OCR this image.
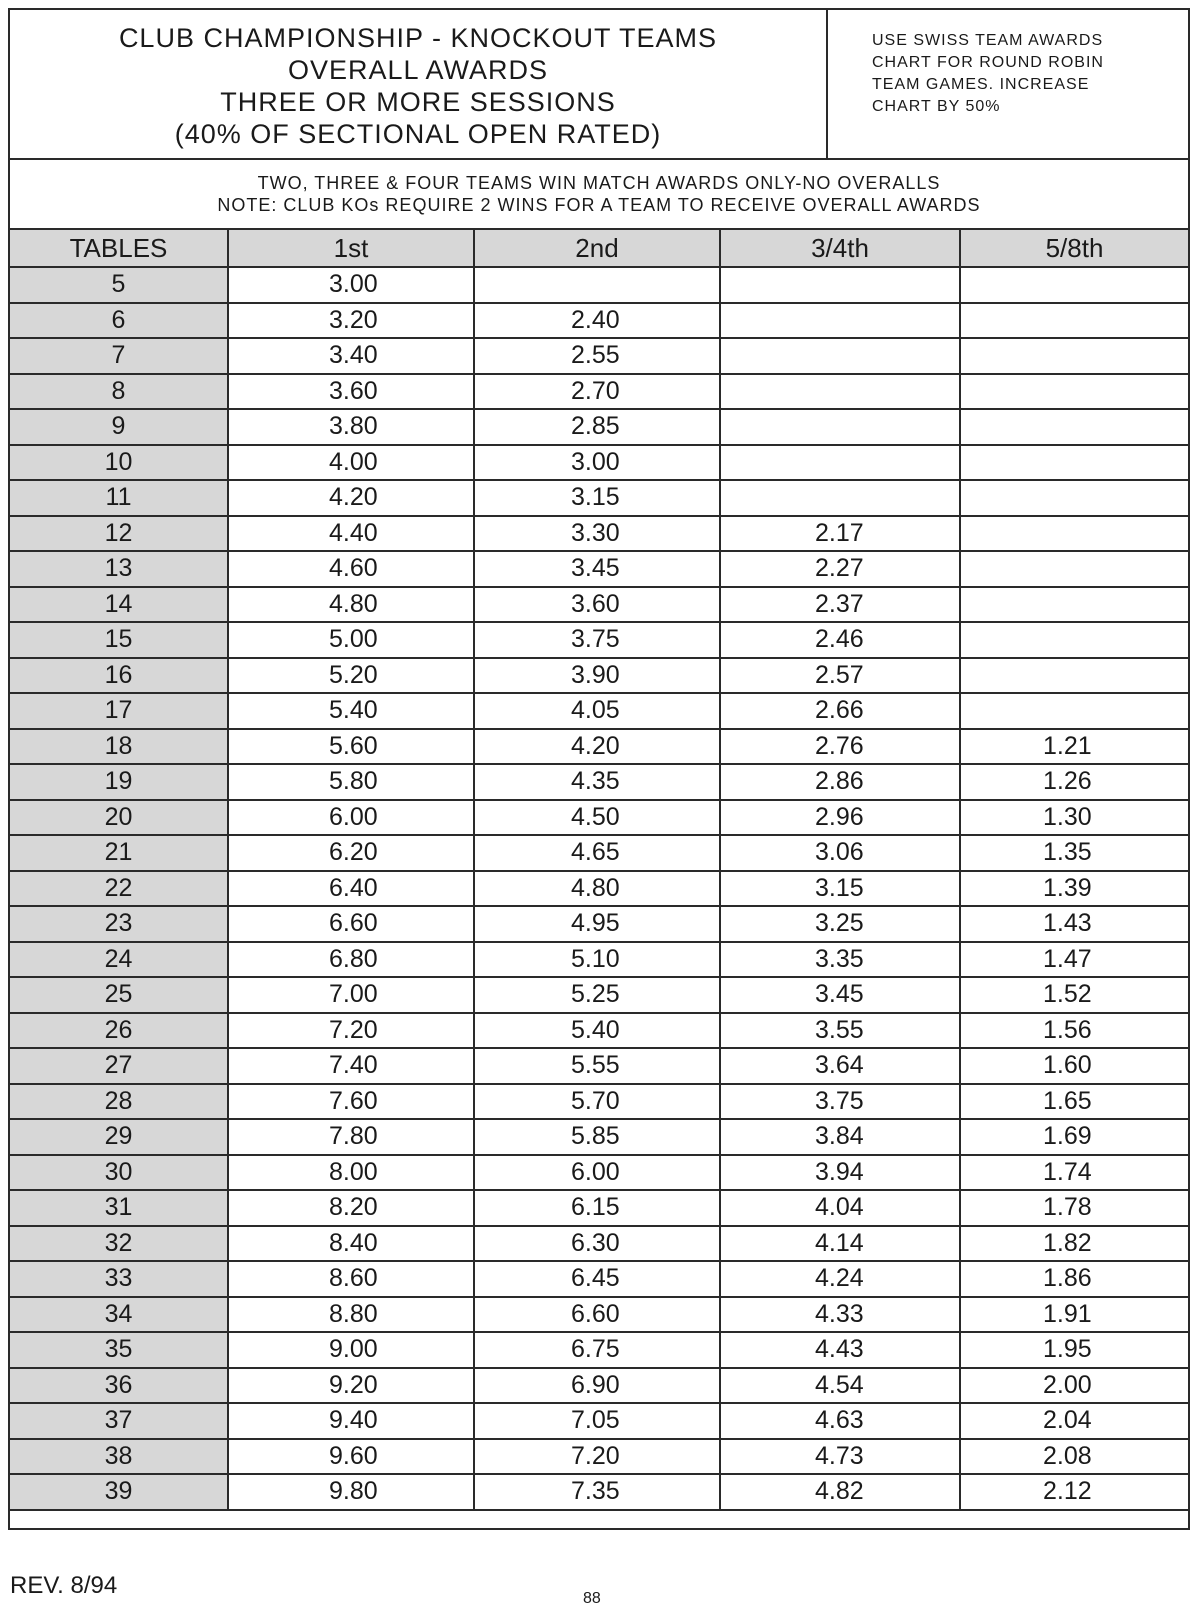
CLUB CHAMPIONSHIP - KNOCKOUT TEAMS
OVERALL AWARDS
THREE OR MORE SESSIONS
(40% OF SECTIONAL OPEN RATED)
USE SWISS TEAM AWARDS
CHART FOR ROUND ROBIN
TEAM GAMES. INCREASE
CHART BY 50%
TWO, THREE & FOUR TEAMS WIN MATCH AWARDS ONLY-NO OVERALLS
NOTE: CLUB KOs REQUIRE 2 WINS FOR A TEAM TO RECEIVE OVERALL AWARDS
TABLES	1st	2nd	3/4th	5/8th
5	3.00			
6	3.20	2.40		
7	3.40	2.55		
8	3.60	2.70		
9	3.80	2.85		
10	4.00	3.00		
11	4.20	3.15		
12	4.40	3.30	2.17	
13	4.60	3.45	2.27	
14	4.80	3.60	2.37	
15	5.00	3.75	2.46	
16	5.20	3.90	2.57	
17	5.40	4.05	2.66	
18	5.60	4.20	2.76	1.21
19	5.80	4.35	2.86	1.26
20	6.00	4.50	2.96	1.30
21	6.20	4.65	3.06	1.35
22	6.40	4.80	3.15	1.39
23	6.60	4.95	3.25	1.43
24	6.80	5.10	3.35	1.47
25	7.00	5.25	3.45	1.52
26	7.20	5.40	3.55	1.56
27	7.40	5.55	3.64	1.60
28	7.60	5.70	3.75	1.65
29	7.80	5.85	3.84	1.69
30	8.00	6.00	3.94	1.74
31	8.20	6.15	4.04	1.78
32	8.40	6.30	4.14	1.82
33	8.60	6.45	4.24	1.86
34	8.80	6.60	4.33	1.91
35	9.00	6.75	4.43	1.95
36	9.20	6.90	4.54	2.00
37	9.40	7.05	4.63	2.04
38	9.60	7.20	4.73	2.08
39	9.80	7.35	4.82	2.12
REV. 8/94	88
